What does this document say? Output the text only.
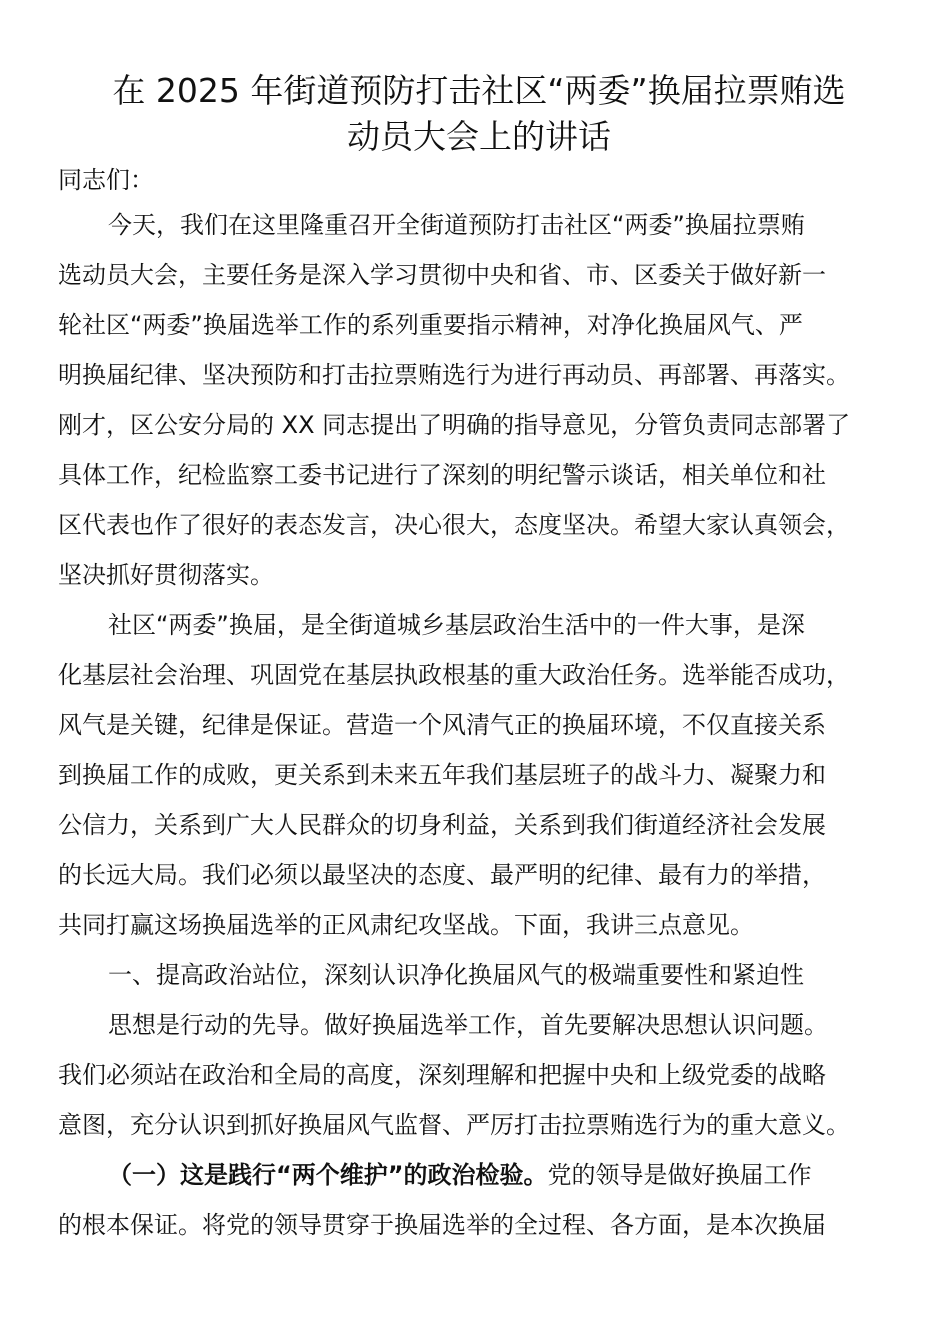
在 2025 年街道预防打击社区“两委”换届拉票贿选
动员大会上的讲话

同志们：

今天，我们在这里隆重召开全街道预防打击社区“两委”换届拉票贿
选动员大会，主要任务是深入学习贯彻中央和省、市、区委关于做好新一
轮社区“两委”换届选举工作的系列重要指示精神，对净化换届风气、严
明换届纪律、坚决预防和打击拉票贿选行为进行再动员、再部署、再落实。
刚才，区公安分局的 XX 同志提出了明确的指导意见，分管负责同志部署了
具体工作，纪检监察工委书记进行了深刻的明纪警示谈话，相关单位和社
区代表也作了很好的表态发言，决心很大，态度坚决。希望大家认真领会，
坚决抓好贯彻落实。

社区“两委”换届，是全街道城乡基层政治生活中的一件大事，是深
化基层社会治理、巩固党在基层执政根基的重大政治任务。选举能否成功，
风气是关键，纪律是保证。营造一个风清气正的换届环境，不仅直接关系
到换届工作的成败，更关系到未来五年我们基层班子的战斗力、凝聚力和
公信力，关系到广大人民群众的切身利益，关系到我们街道经济社会发展
的长远大局。我们必须以最坚决的态度、最严明的纪律、最有力的举措，
共同打赢这场换届选举的正风肃纪攻坚战。下面，我讲三点意见。

一、提高政治站位，深刻认识净化换届风气的极端重要性和紧迫性

思想是行动的先导。做好换届选举工作，首先要解决思想认识问题。
我们必须站在政治和全局的高度，深刻理解和把握中央和上级党委的战略
意图，充分认识到抓好换届风气监督、严厉打击拉票贿选行为的重大意义。

（一）这是践行“两个维护”的政治检验。党的领导是做好换届工作
的根本保证。将党的领导贯穿于换届选举的全过程、各方面，是本次换届
